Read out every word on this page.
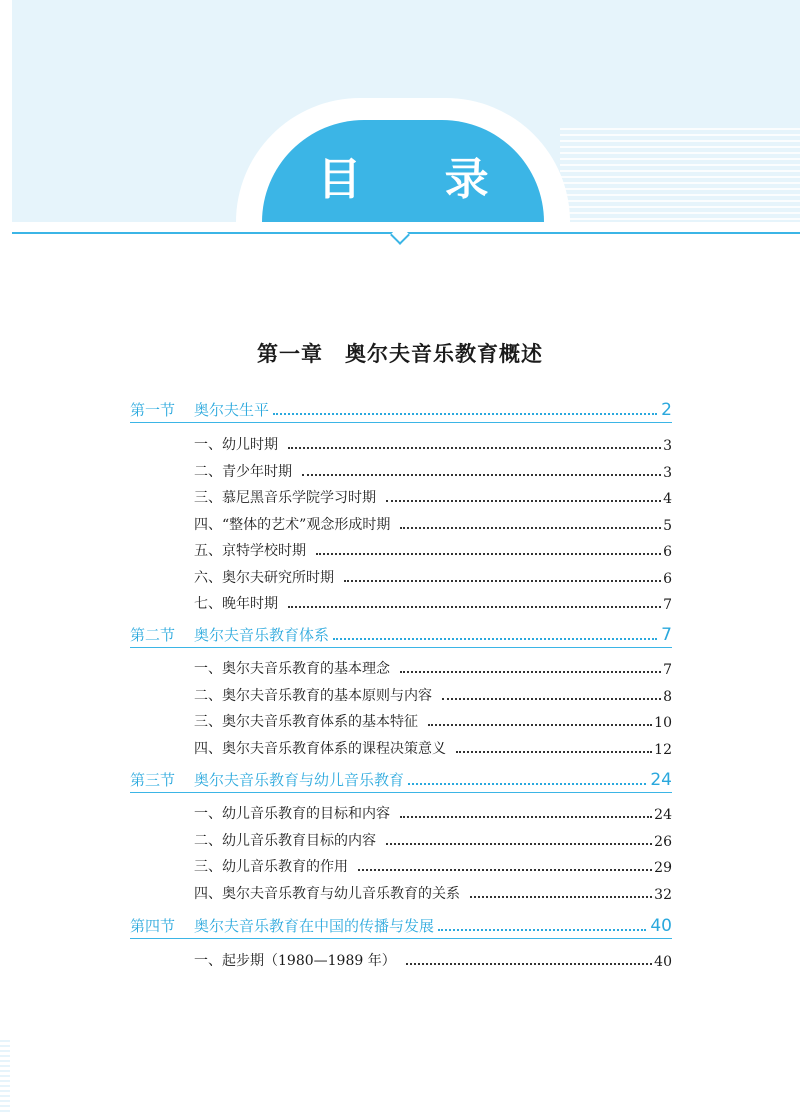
目 录
第一章 奥尔夫音乐教育概述
第一节	奥尔夫生平	2
一、幼儿时期	3
二、青少年时期	3
三、慕尼黑音乐学院学习时期	4
四、“整体的艺术”观念形成时期	5
五、京特学校时期	6
六、奥尔夫研究所时期	6
七、晚年时期	7
第二节	奥尔夫音乐教育体系	7
一、奥尔夫音乐教育的基本理念	7
二、奥尔夫音乐教育的基本原则与内容	8
三、奥尔夫音乐教育体系的基本特征	10
四、奥尔夫音乐教育体系的课程决策意义	12
第三节	奥尔夫音乐教育与幼儿音乐教育	24
一、幼儿音乐教育的目标和内容	24
二、幼儿音乐教育目标的内容	26
三、幼儿音乐教育的作用	29
四、奥尔夫音乐教育与幼儿音乐教育的关系	32
第四节	奥尔夫音乐教育在中国的传播与发展	40
一、起步期（1980—1989 年）	40
